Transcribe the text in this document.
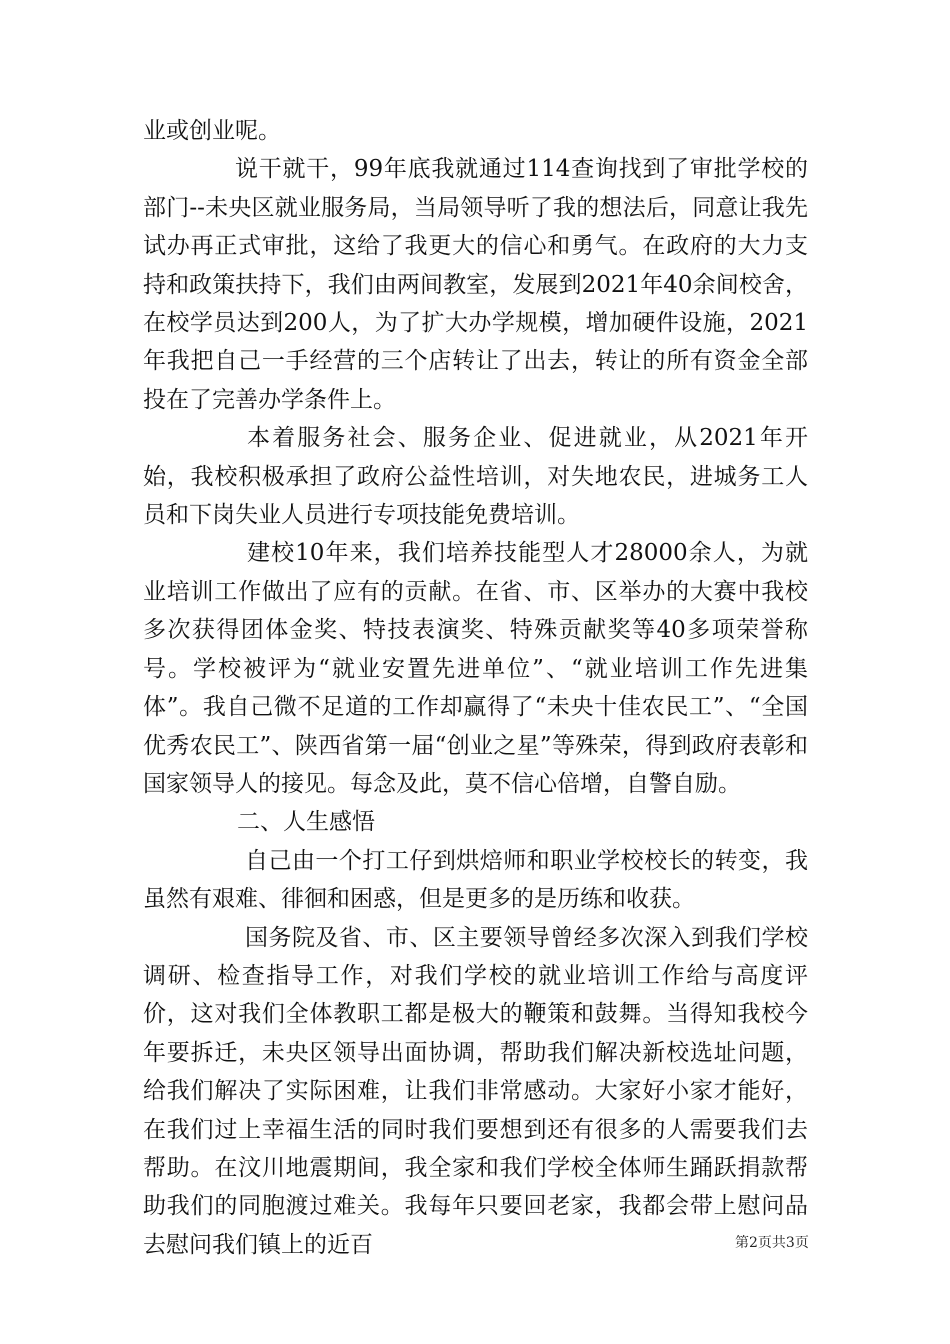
业或创业呢。

说干就干，99年底我就通过114查询找到了审批学校的部门--未央区就业服务局，当局领导听了我的想法后，同意让我先试办再正式审批，这给了我更大的信心和勇气。在政府的大力支持和政策扶持下，我们由两间教室，发展到2021年40余间校舍，在校学员达到200人，为了扩大办学规模，增加硬件设施，2021年我把自己一手经营的三个店转让了出去，转让的所有资金全部投在了完善办学条件上。

本着服务社会、服务企业、促进就业，从2021年开始，我校积极承担了政府公益性培训，对失地农民，进城务工人员和下岗失业人员进行专项技能免费培训。

建校10年来，我们培养技能型人才28000余人，为就业培训工作做出了应有的贡献。在省、市、区举办的大赛中我校多次获得团体金奖、特技表演奖、特殊贡献奖等40多项荣誉称号。学校被评为“就业安置先进单位”、“就业培训工作先进集体”。我自己微不足道的工作却赢得了“未央十佳农民工”、“全国优秀农民工”、陕西省第一届“创业之星”等殊荣，得到政府表彰和国家领导人的接见。每念及此，莫不信心倍增，自警自励。

二、人生感悟

自己由一个打工仔到烘焙师和职业学校校长的转变，我虽然有艰难、徘徊和困惑，但是更多的是历练和收获。

国务院及省、市、区主要领导曾经多次深入到我们学校调研、检查指导工作，对我们学校的就业培训工作给与高度评价，这对我们全体教职工都是极大的鞭策和鼓舞。当得知我校今年要拆迁，未央区领导出面协调，帮助我们解决新校选址问题，给我们解决了实际困难，让我们非常感动。大家好小家才能好，在我们过上幸福生活的同时我们要想到还有很多的人需要我们去帮助。在汶川地震期间，我全家和我们学校全体师生踊跃捐款帮助我们的同胞渡过难关。我每年只要回老家，我都会带上慰问品去慰问我们镇上的近百	第2页共3页
